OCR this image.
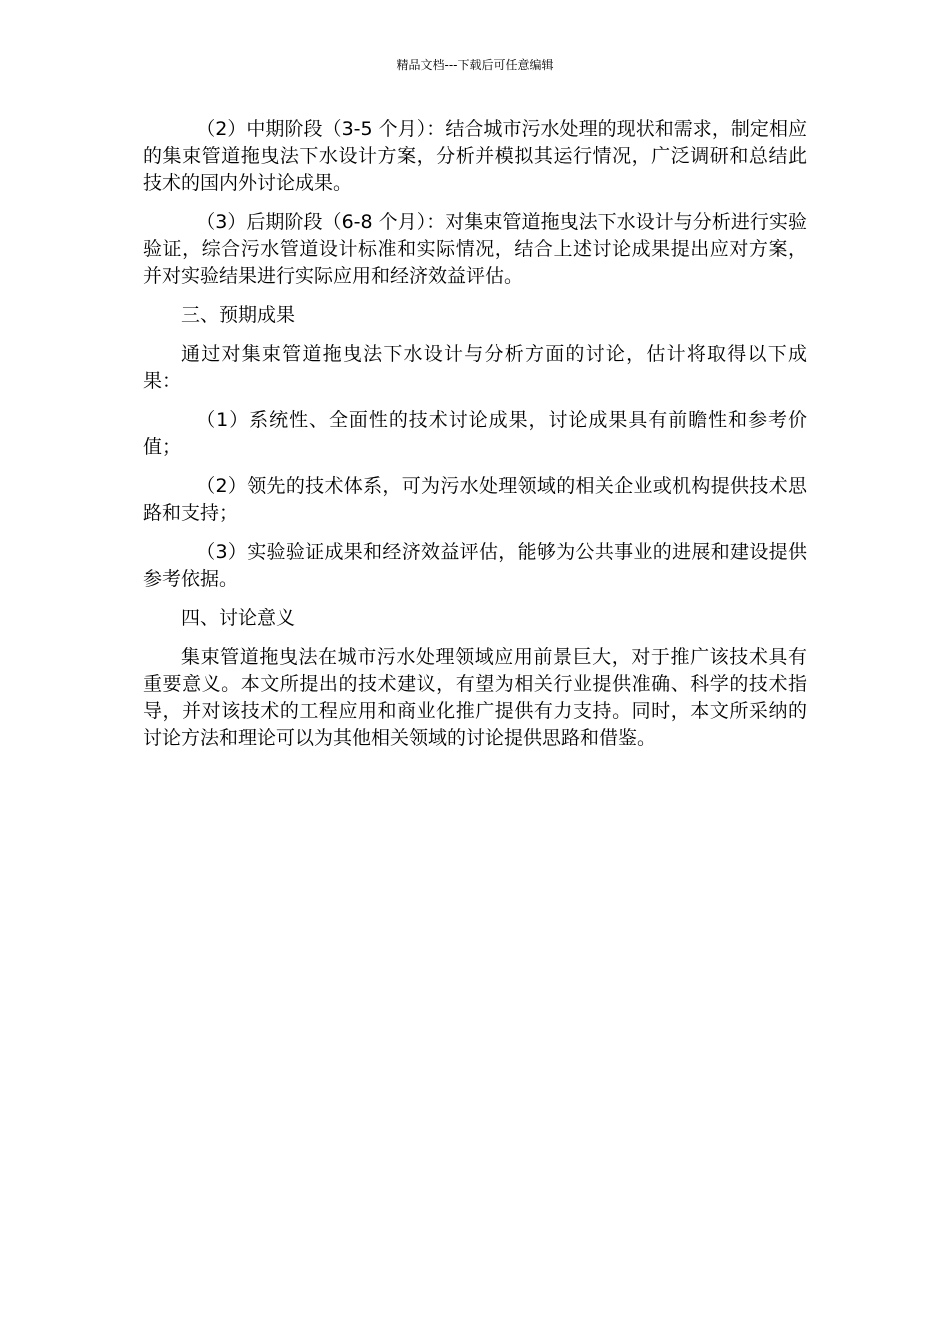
精品文档---下载后可任意编辑

（2）中期阶段（3-5 个月）：结合城市污水处理的现状和需求，制定相应的集束管道拖曳法下水设计方案，分析并模拟其运行情况，广泛调研和总结此技术的国内外讨论成果。

（3）后期阶段（6-8 个月）：对集束管道拖曳法下水设计与分析进行实验验证，综合污水管道设计标准和实际情况，结合上述讨论成果提出应对方案，并对实验结果进行实际应用和经济效益评估。

三、预期成果

通过对集束管道拖曳法下水设计与分析方面的讨论，估计将取得以下成果：

（1）系统性、全面性的技术讨论成果，讨论成果具有前瞻性和参考价值；

（2）领先的技术体系，可为污水处理领域的相关企业或机构提供技术思路和支持；

（3）实验验证成果和经济效益评估，能够为公共事业的进展和建设提供参考依据。

四、讨论意义

集束管道拖曳法在城市污水处理领域应用前景巨大，对于推广该技术具有重要意义。本文所提出的技术建议，有望为相关行业提供准确、科学的技术指导，并对该技术的工程应用和商业化推广提供有力支持。同时，本文所采纳的讨论方法和理论可以为其他相关领域的讨论提供思路和借鉴。
